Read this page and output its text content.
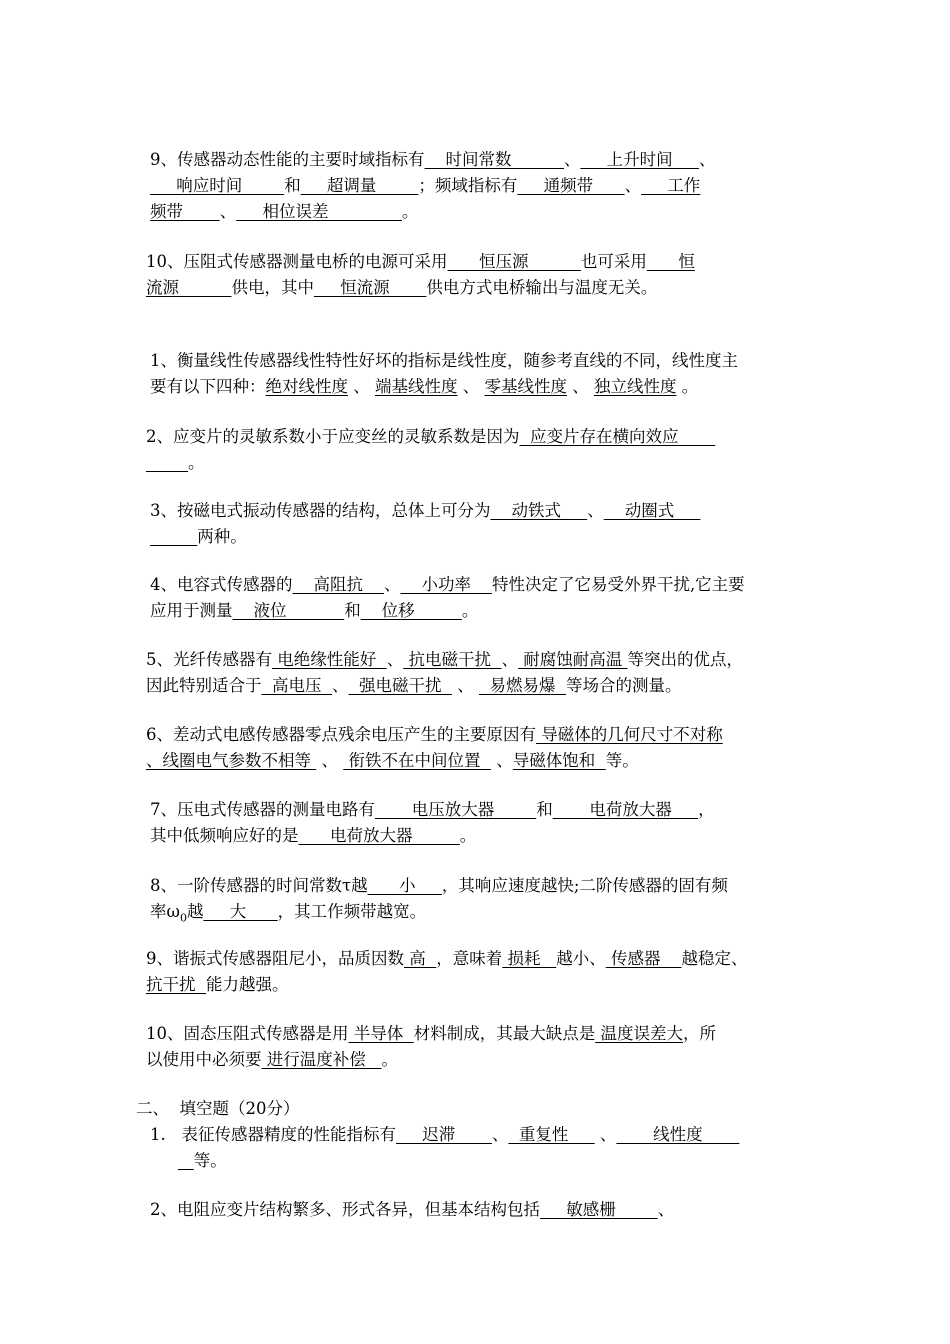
9、传感器动态性能的主要时域指标有    时间常数          、     上升时间     、
响应时间        和     超调量        ；频域指标有     通频带      、     工作
频带       、     相位误差              。
10、压阻式传感器测量电桥的电源可采用      恒压源          也可采用      恒
流源          供电，其中     恒流源       供电方式电桥输出与温度无关。
1、衡量线性传感器线性特性好坏的指标是线性度，随参考直线的不同，线性度主
要有以下四种：绝对线性度 、 端基线性度 、 零基线性度 、 独立线性度 。
2、应变片的灵敏系数小于应变丝的灵敏系数是因为  应变片存在横向效应
。
3、按磁电式振动传感器的结构，总体上可分为    动铁式     、    动圈式
两种。
4、电容式传感器的    高阻抗    、    小功率    特性决定了它易受外界干扰,它主要
应用于测量    液位           和    位移         。
5、光纤传感器有 电绝缘性能好  、 抗电磁干扰  、 耐腐蚀耐高温 等突出的优点，
因此特别适合于  高电压  、  强电磁干扰   、   易燃易爆  等场合的测量。
6、差动式电感传感器零点残余电压产生的主要原因有 导磁体的几何尺寸不对称
、线圈电气参数不相等  、  衔铁不在中间位置   、导磁体饱和  等。
7、压电式传感器的测量电路有       电压放大器        和       电荷放大器     ，
其中低频响应好的是      电荷放大器         。
8、一阶传感器的时间常数τ越      小     ，其响应速度越快;二阶传感器的固有频
率$\omega_0$越     大      ，其工作频带越宽。
9、谐振式传感器阻尼小，品质因数 高  ，意味着 损耗   越小、 传感器    越稳定、
抗干扰  能力越强。
10、固态压阻式传感器是用 半导体  材料制成，其最大缺点是 温度误差大，所
以使用中必须要 进行温度补偿   。
二、  填空题（20分）
1.   表征传感器精度的性能指标有     迟滞       、  重复性      、       线性度
等。
2、电阻应变片结构繁多、形式各异，但基本结构包括     敏感栅        、
